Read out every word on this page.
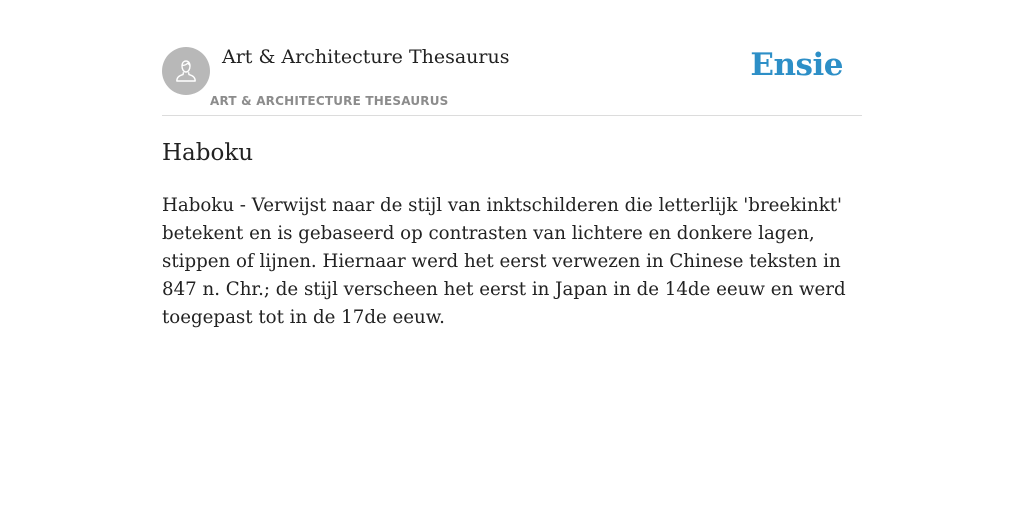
Art & Architecture Thesaurus
ART & ARCHITECTURE THESAURUS
Ensie
Haboku

Haboku - Verwijst naar de stijl van inktschilderen die letterlijk 'breekinkt' betekent en is gebaseerd op contrasten van lichtere en donkere lagen, stippen of lijnen. Hiernaar werd het eerst verwezen in Chinese teksten in 847 n. Chr.; de stijl verscheen het eerst in Japan in de 14de eeuw en werd toegepast tot in de 17de eeuw.
